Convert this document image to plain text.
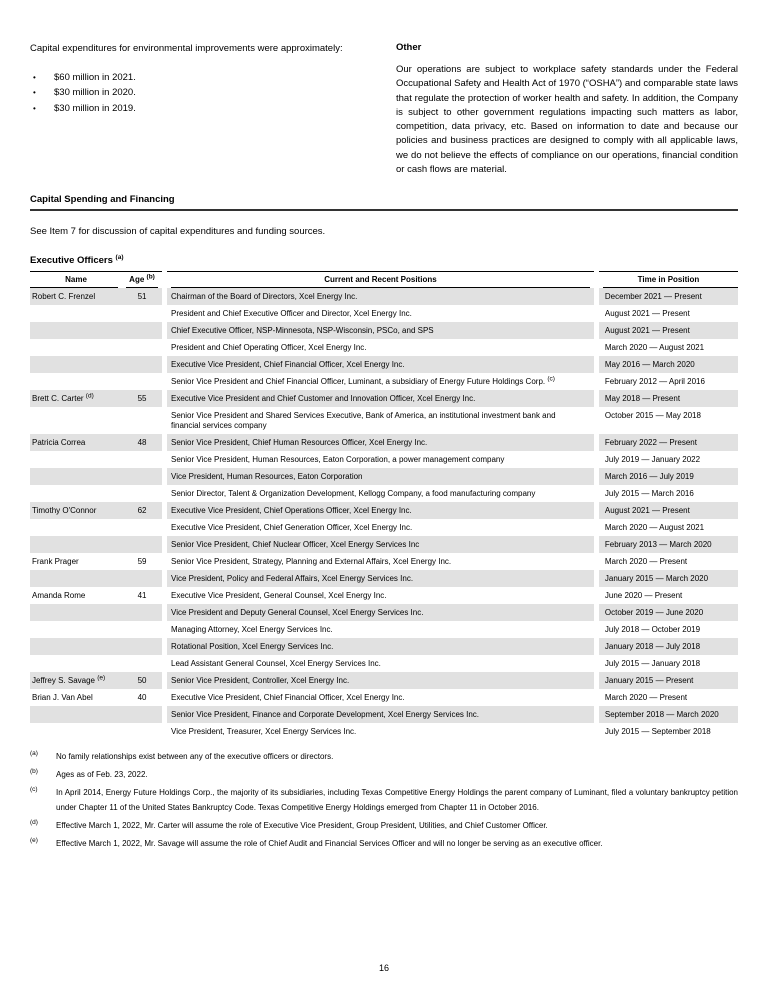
Capital expenditures for environmental improvements were approximately:
•	$60 million in 2021.
•	$30 million in 2020.
•	$30 million in 2019.
Other
Our operations are subject to workplace safety standards under the Federal Occupational Safety and Health Act of 1970 (“OSHA”) and comparable state laws that regulate the protection of worker health and safety. In addition, the Company is subject to other government regulations impacting such matters as labor, competition, data privacy, etc. Based on information to date and because our policies and business practices are designed to comply with all applicable laws, we do not believe the effects of compliance on our operations, financial condition or cash flows are material.
Capital Spending and Financing
See Item 7 for discussion of capital expenditures and funding sources.
Executive Officers $^{(a)}$
Name	Age $^{(b)}$	Current and Recent Positions	Time in Position
Robert C. Frenzel	51	Chairman of the Board of Directors, Xcel Energy Inc.	December 2021 — Present
		President and Chief Executive Officer and Director, Xcel Energy Inc.	August 2021 — Present
		Chief Executive Officer, NSP-Minnesota, NSP-Wisconsin, PSCo, and SPS	August 2021 — Present
		President and Chief Operating Officer, Xcel Energy Inc.	March 2020 — August 2021
		Executive Vice President, Chief Financial Officer, Xcel Energy Inc.	May 2016 — March 2020
		Senior Vice President and Chief Financial Officer, Luminant, a subsidiary of Energy Future Holdings Corp. $^{(c)}$	February 2012 — April 2016
Brett C. Carter $^{(d)}$	55	Executive Vice President and Chief Customer and Innovation Officer, Xcel Energy Inc.	May 2018 — Present
		Senior Vice President and Shared Services Executive, Bank of America, an institutional investment bank and financial services company	October 2015 — May 2018
Patricia Correa	48	Senior Vice President, Chief Human Resources Officer, Xcel Energy Inc.	February 2022 — Present
		Senior Vice President, Human Resources, Eaton Corporation, a power management company	July 2019 — January 2022
		Vice President, Human Resources, Eaton Corporation	March 2016 — July 2019
		Senior Director, Talent & Organization Development, Kellogg Company, a food manufacturing company	July 2015 — March 2016
Timothy O'Connor	62	Executive Vice President, Chief Operations Officer, Xcel Energy Inc.	August 2021 — Present
		Executive Vice President, Chief Generation Officer, Xcel Energy Inc.	March 2020 — August 2021
		Senior Vice President, Chief Nuclear Officer, Xcel Energy Services Inc	February 2013 — March 2020
Frank Prager	59	Senior Vice President, Strategy, Planning and External Affairs, Xcel Energy Inc.	March 2020 — Present
		Vice President, Policy and Federal Affairs, Xcel Energy Services Inc.	January 2015 — March 2020
Amanda Rome	41	Executive Vice President, General Counsel, Xcel Energy Inc.	June 2020 — Present
		Vice President and Deputy General Counsel, Xcel Energy Services Inc.	October 2019 — June 2020
		Managing Attorney, Xcel Energy Services Inc.	July 2018 — October 2019
		Rotational Position, Xcel Energy Services Inc.	January 2018 — July 2018
		Lead Assistant General Counsel, Xcel Energy Services Inc.	July 2015 — January 2018
Jeffrey S. Savage $^{(e)}$	50	Senior Vice President, Controller, Xcel Energy Inc.	January 2015 — Present
Brian J. Van Abel	40	Executive Vice President, Chief Financial Officer, Xcel Energy Inc.	March 2020 — Present
		Senior Vice President, Finance and Corporate Development, Xcel Energy Services Inc.	September 2018 — March 2020
		Vice President, Treasurer, Xcel Energy Services Inc.	July 2015 — September 2018
(a)	No family relationships exist between any of the executive officers or directors.
(b)	Ages as of Feb. 23, 2022.
(c)	In April 2014, Energy Future Holdings Corp., the majority of its subsidiaries, including Texas Competitive Energy Holdings the parent company of Luminant, filed a voluntary bankruptcy petition under Chapter 11 of the United States Bankruptcy Code. Texas Competitive Energy Holdings emerged from Chapter 11 in October 2016.
(d)	Effective March 1, 2022, Mr. Carter will assume the role of Executive Vice President, Group President, Utilities, and Chief Customer Officer.
(e)	Effective March 1, 2022, Mr. Savage will assume the role of Chief Audit and Financial Services Officer and will no longer be serving as an executive officer.
16
